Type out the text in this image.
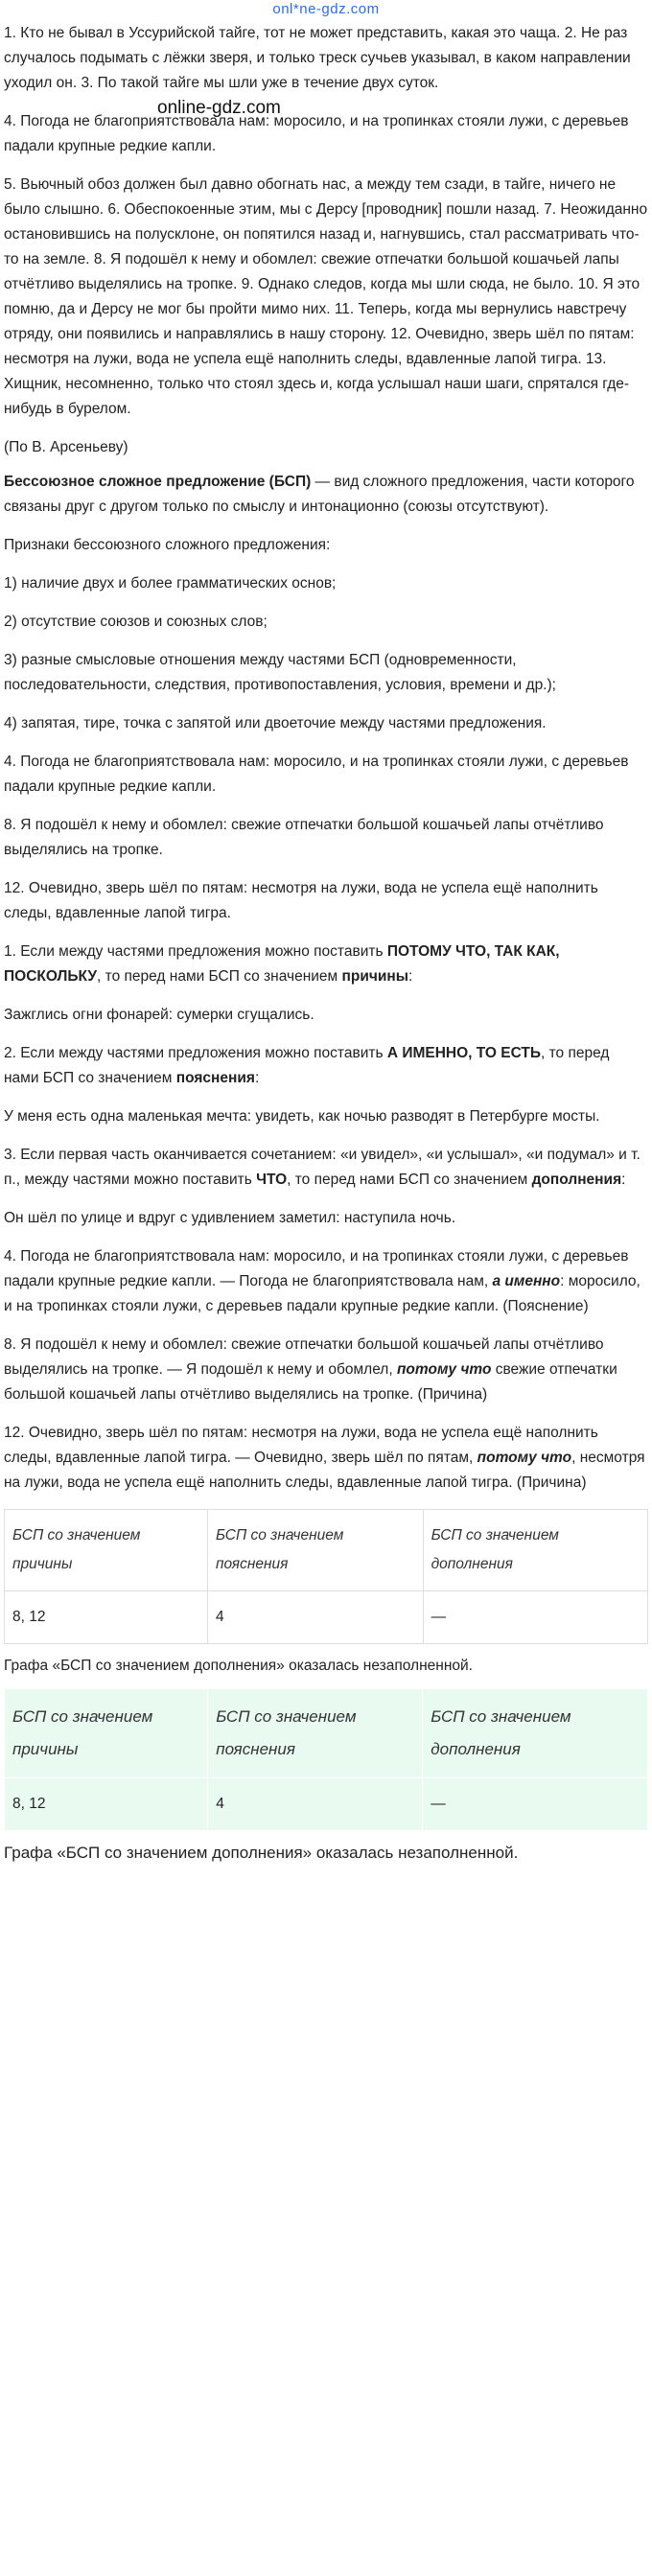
onl*ne-gdz.com

1. Кто не бывал в Уссурийской тайге, тот не может представить, какая это чаща. 2. Не раз случалось подымать с лёжки зверя, и только треск сучьев указывал, в каком направлении уходил он. 3. По такой тайге мы шли уже в течение двух суток.

online-gdz.com

4. Погода не благоприятствовала нам: моросило, и на тропинках стояли лужи, с деревьев падали крупные редкие капли.

5. Вьючный обоз должен был давно обогнать нас, а между тем сзади, в тайге, ничего не было слышно. 6. Обеспокоенные этим, мы с Дерсу [проводник] пошли назад. 7. Неожиданно остановившись на полусклоне, он попятился назад и, нагнувшись, стал рассматривать что-то на земле. 8. Я подошёл к нему и обомлел: свежие отпечатки большой кошачьей лапы отчётливо выделялись на тропке. 9. Однако следов, когда мы шли сюда, не было. 10. Я это помню, да и Дерсу не мог бы пройти мимо них. 11. Теперь, когда мы вернулись навстречу отряду, они появились и направлялись в нашу сторону. 12. Очевидно, зверь шёл по пятам: несмотря на лужи, вода не успела ещё наполнить следы, вдавленные лапой тигра. 13. Хищник, несомненно, только что стоял здесь и, когда услышал наши шаги, спрятался где-нибудь в бурелом.

(По В. Арсеньеву)

Бессоюзное сложное предложение (БСП) — вид сложного предложения, части которого связаны друг с другом только по смыслу и интонационно (союзы отсутствуют).

Признаки бессоюзного сложного предложения:

1) наличие двух и более грамматических основ;

2) отсутствие союзов и союзных слов;

3) разные смысловые отношения между частями БСП (одновременности, последовательности, следствия, противопоставления, условия, времени и др.);

4) запятая, тире, точка с запятой или двоеточие между частями предложения.

4. Погода не благоприятствовала нам: моросило, и на тропинках стояли лужи, с деревьев падали крупные редкие капли.

8. Я подошёл к нему и обомлел: свежие отпечатки большой кошачьей лапы отчётливо выделялись на тропке.

12. Очевидно, зверь шёл по пятам: несмотря на лужи, вода не успела ещё наполнить следы, вдавленные лапой тигра.

1. Если между частями предложения можно поставить ПОТОМУ ЧТО, ТАК КАК, ПОСКОЛЬКУ, то перед нами БСП со значением причины:

Зажглись огни фонарей: сумерки сгущались.

2. Если между частями предложения можно поставить А ИМЕННО, ТО ЕСТЬ, то перед нами БСП со значением пояснения:

У меня есть одна маленькая мечта: увидеть, как ночью разводят в Петербурге мосты.

3. Если первая часть оканчивается сочетанием: «и увидел», «и услышал», «и подумал» и т. п., между частями можно поставить ЧТО, то перед нами БСП со значением дополнения:

Он шёл по улице и вдруг с удивлением заметил: наступила ночь.

4. Погода не благоприятствовала нам: моросило, и на тропинках стояли лужи, с деревьев падали крупные редкие капли. — Погода не благоприятствовала нам, а именно: моросило, и на тропинках стояли лужи, с деревьев падали крупные редкие капли. (Пояснение)

8. Я подошёл к нему и обомлел: свежие отпечатки большой кошачьей лапы отчётливо выделялись на тропке. — Я подошёл к нему и обомлел, потому что свежие отпечатки большой кошачьей лапы отчётливо выделялись на тропке. (Причина)

12. Очевидно, зверь шёл по пятам: несмотря на лужи, вода не успела ещё наполнить следы, вдавленные лапой тигра. — Очевидно, зверь шёл по пятам, потому что, несмотря на лужи, вода не успела ещё наполнить следы, вдавленные лапой тигра. (Причина)

БСП со значением причины	БСП со значением пояснения	БСП со значением дополнения
8, 12	4	—

Графа «БСП со значением дополнения» оказалась незаполненной.

БСП со значением причины	БСП со значением пояснения	БСП со значением дополнения
8, 12	4	—

Графа «БСП со значением дополнения» оказалась незаполненной.
